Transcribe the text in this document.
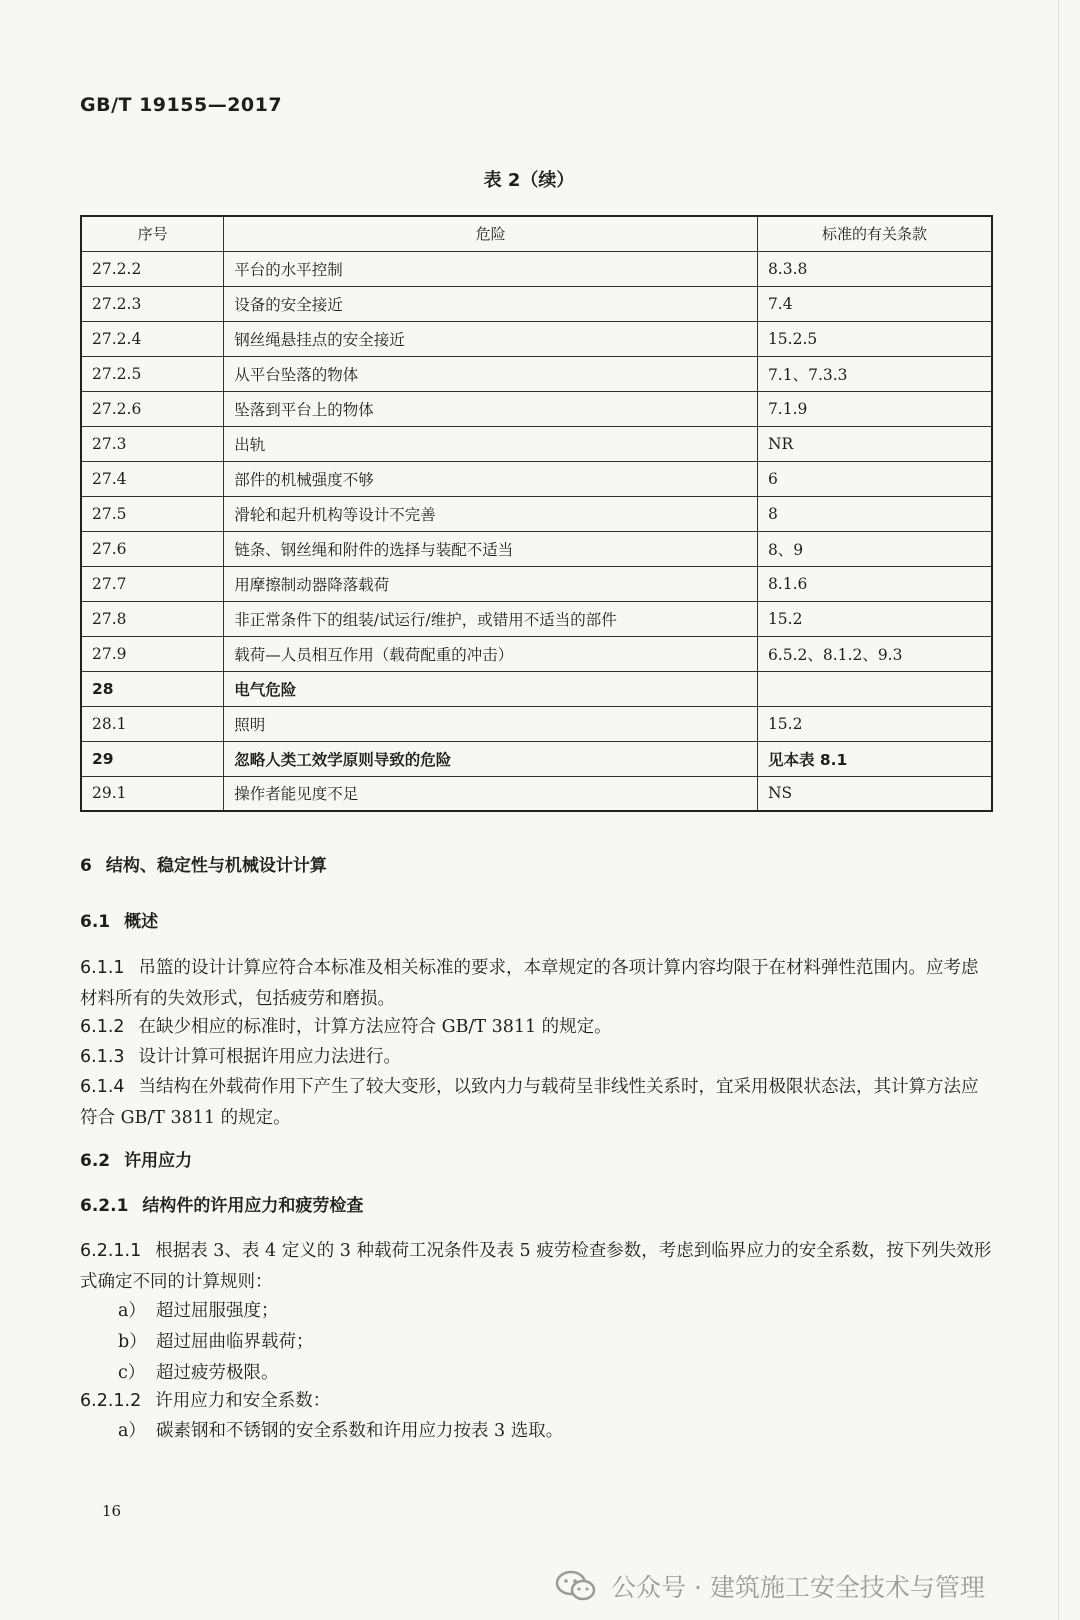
GB/T 19155—2017
表 2（续）
序号	危险	标准的有关条款
27.2.2	平台的水平控制	8.3.8
27.2.3	设备的安全接近	7.4
27.2.4	钢丝绳悬挂点的安全接近	15.2.5
27.2.5	从平台坠落的物体	7.1、7.3.3
27.2.6	坠落到平台上的物体	7.1.9
27.3	出轨	NR
27.4	部件的机械强度不够	6
27.5	滑轮和起升机构等设计不完善	8
27.6	链条、钢丝绳和附件的选择与装配不适当	8、9
27.7	用摩擦制动器降落载荷	8.1.6
27.8	非正常条件下的组装/试运行/维护，或错用不适当的部件	15.2
27.9	载荷—人员相互作用（载荷配重的冲击）	6.5.2、8.1.2、9.3
28	电气危险	
28.1	照明	15.2
29	忽略人类工效学原则导致的危险	见本表 8.1
29.1	操作者能见度不足	NS
6 结构、稳定性与机械设计计算
6.1 概述
6.1.1 吊篮的设计计算应符合本标准及相关标准的要求，本章规定的各项计算内容均限于在材料弹性范围内。应考虑材料所有的失效形式，包括疲劳和磨损。
6.1.2 在缺少相应的标准时，计算方法应符合 GB/T 3811 的规定。
6.1.3 设计计算可根据许用应力法进行。
6.1.4 当结构在外载荷作用下产生了较大变形，以致内力与载荷呈非线性关系时，宜采用极限状态法，其计算方法应符合 GB/T 3811 的规定。
6.2 许用应力
6.2.1 结构件的许用应力和疲劳检查
6.2.1.1 根据表 3、表 4 定义的 3 种载荷工况条件及表 5 疲劳检查参数，考虑到临界应力的安全系数，按下列失效形式确定不同的计算规则：
a） 超过屈服强度；
b） 超过屈曲临界载荷；
c） 超过疲劳极限。
6.2.1.2 许用应力和安全系数：
a） 碳素钢和不锈钢的安全系数和许用应力按表 3 选取。
16
公众号 · 建筑施工安全技术与管理
